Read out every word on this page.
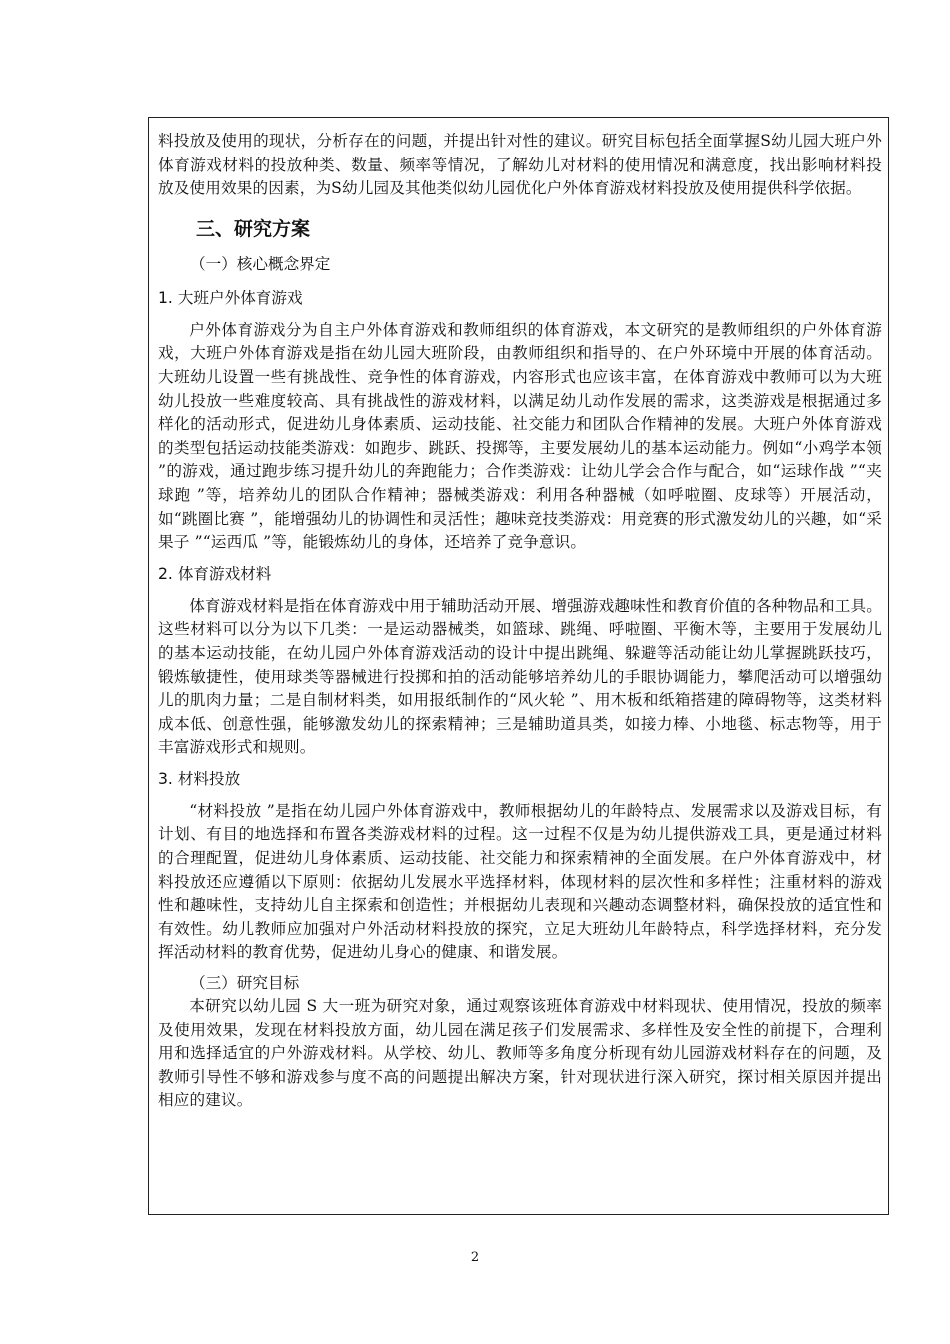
料投放及使用的现状，分析存在的问题，并提出针对性的建议。研究目标包括全面掌握S幼儿园大班户外体育游戏材料的投放种类、数量、频率等情况，了解幼儿对材料的使用情况和满意度，找出影响材料投放及使用效果的因素，为S幼儿园及其他类似幼儿园优化户外体育游戏材料投放及使用提供科学依据。

三、研究方案
（一）核心概念界定
1. 大班户外体育游戏

户外体育游戏分为自主户外体育游戏和教师组织的体育游戏，本文研究的是教师组织的户外体育游戏，大班户外体育游戏是指在幼儿园大班阶段，由教师组织和指导的、在户外环境中开展的体育活动。大班幼儿设置一些有挑战性、竞争性的体育游戏，内容形式也应该丰富，在体育游戏中教师可以为大班幼儿投放一些难度较高、具有挑战性的游戏材料，以满足幼儿动作发展的需求，这类游戏是根据通过多样化的活动形式，促进幼儿身体素质、运动技能、社交能力和团队合作精神的发展。大班户外体育游戏的类型包括运动技能类游戏：如跑步、跳跃、投掷等，主要发展幼儿的基本运动能力。例如“小鸡学本领 ”的游戏，通过跑步练习提升幼儿的奔跑能力；合作类游戏：让幼儿学会合作与配合，如“运球作战 ”“夹球跑 ”等，培养幼儿的团队合作精神；器械类游戏：利用各种器械（如呼啦圈、皮球等）开展活动，如“跳圈比赛 ”，能增强幼儿的协调性和灵活性；趣味竞技类游戏：用竞赛的形式激发幼儿的兴趣，如“采果子 ”“运西瓜 ”等，能锻炼幼儿的身体，还培养了竞争意识。

2. 体育游戏材料

体育游戏材料是指在体育游戏中用于辅助活动开展、增强游戏趣味性和教育价值的各种物品和工具。这些材料可以分为以下几类：一是运动器械类，如篮球、跳绳、呼啦圈、平衡木等，主要用于发展幼儿的基本运动技能，在幼儿园户外体育游戏活动的设计中提出跳绳、躲避等活动能让幼儿掌握跳跃技巧，锻炼敏捷性，使用球类等器械进行投掷和拍的活动能够培养幼儿的手眼协调能力，攀爬活动可以增强幼儿的肌肉力量；二是自制材料类，如用报纸制作的“风火轮 ”、用木板和纸箱搭建的障碍物等，这类材料成本低、创意性强，能够激发幼儿的探索精神；三是辅助道具类，如接力棒、小地毯、标志物等，用于丰富游戏形式和规则。

3. 材料投放

“材料投放 ”是指在幼儿园户外体育游戏中，教师根据幼儿的年龄特点、发展需求以及游戏目标，有计划、有目的地选择和布置各类游戏材料的过程。这一过程不仅是为幼儿提供游戏工具，更是通过材料的合理配置，促进幼儿身体素质、运动技能、社交能力和探索精神的全面发展。在户外体育游戏中，材料投放还应遵循以下原则：依据幼儿发展水平选择材料，体现材料的层次性和多样性；注重材料的游戏性和趣味性，支持幼儿自主探索和创造性；并根据幼儿表现和兴趣动态调整材料，确保投放的适宜性和有效性。幼儿教师应加强对户外活动材料投放的探究，立足大班幼儿年龄特点，科学选择材料，充分发挥活动材料的教育优势，促进幼儿身心的健康、和谐发展。

（三）研究目标

本研究以幼儿园 S 大一班为研究对象，通过观察该班体育游戏中材料现状、使用情况，投放的频率及使用效果，发现在材料投放方面，幼儿园在满足孩子们发展需求、多样性及安全性的前提下，合理利用和选择适宜的户外游戏材料。从学校、幼儿、教师等多角度分析现有幼儿园游戏材料存在的问题，及教师引导性不够和游戏参与度不高的问题提出解决方案，针对现状进行深入研究，探讨相关原因并提出相应的建议。

2
